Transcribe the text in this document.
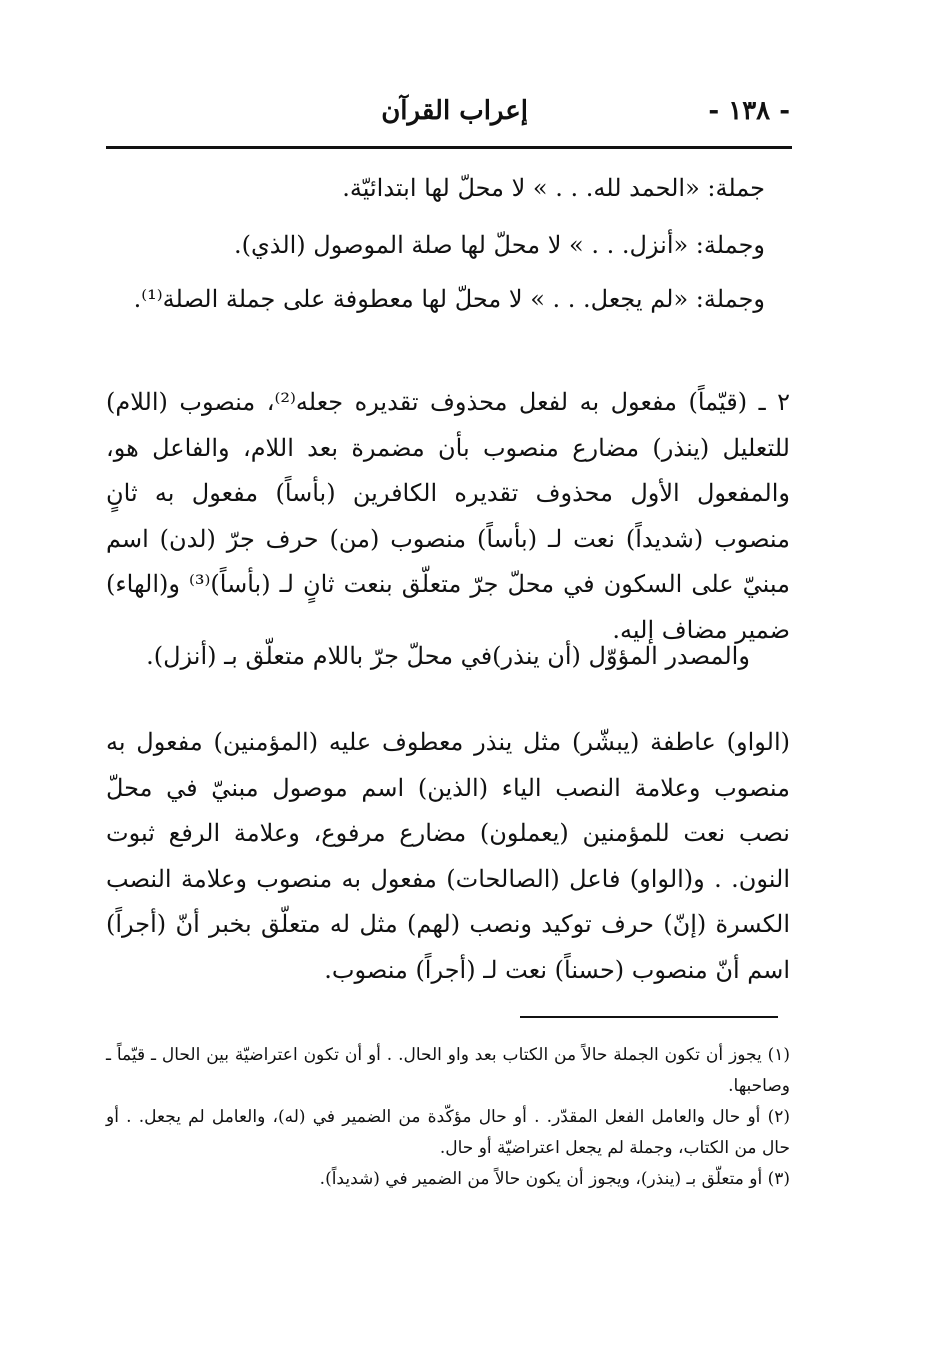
- ١٣٨ -
إعراب القرآن
جملة: «الحمد لله. . . » لا محلّ لها ابتدائيّة.
وجملة: «أنزل. . . » لا محلّ لها صلة الموصول (الذي).
وجملة: «لم يجعل. . . » لا محلّ لها معطوفة على جملة الصلة⁽¹⁾.
٢ ـ (قيّماً) مفعول به لفعل محذوف تقديره جعله⁽²⁾، منصوب (اللام) للتعليل (ينذر) مضارع منصوب بأن مضمرة بعد اللام، والفاعل هو، والمفعول الأول محذوف تقديره الكافرين (بأساً) مفعول به ثانٍ منصوب (شديداً) نعت لـ (بأساً) منصوب (من) حرف جرّ (لدن) اسم مبنيّ على السكون في محلّ جرّ متعلّق بنعت ثانٍ لـ (بأساً)⁽³⁾ و(الهاء) ضمير مضاف إليه.
والمصدر المؤوّل (أن ينذر)في محلّ جرّ باللام متعلّق بـ (أنزل).
(الواو) عاطفة (يبشّر) مثل ينذر معطوف عليه (المؤمنين) مفعول به منصوب وعلامة النصب الياء (الذين) اسم موصول مبنيّ في محلّ نصب نعت للمؤمنين (يعملون) مضارع مرفوع، وعلامة الرفع ثبوت النون. . و(الواو) فاعل (الصالحات) مفعول به منصوب وعلامة النصب الكسرة (إنّ) حرف توكيد ونصب (لهم) مثل له متعلّق بخبر أنّ (أجراً) اسم أنّ منصوب (حسناً) نعت لـ (أجراً) منصوب.

(١) يجوز أن تكون الجملة حالاً من الكتاب بعد واو الحال. . أو أن تكون اعتراضيّة بين الحال ـ قيّماً ـ وصاحبها.

(٢) أو حال والعامل الفعل المقدّر. . أو حال مؤكّدة من الضمير في (له)، والعامل لم يجعل. . أو حال من الكتاب، وجملة لم يجعل اعتراضيّة أو حال.

(٣) أو متعلّق بـ (ينذر)، ويجوز أن يكون حالاً من الضمير في (شديداً).
